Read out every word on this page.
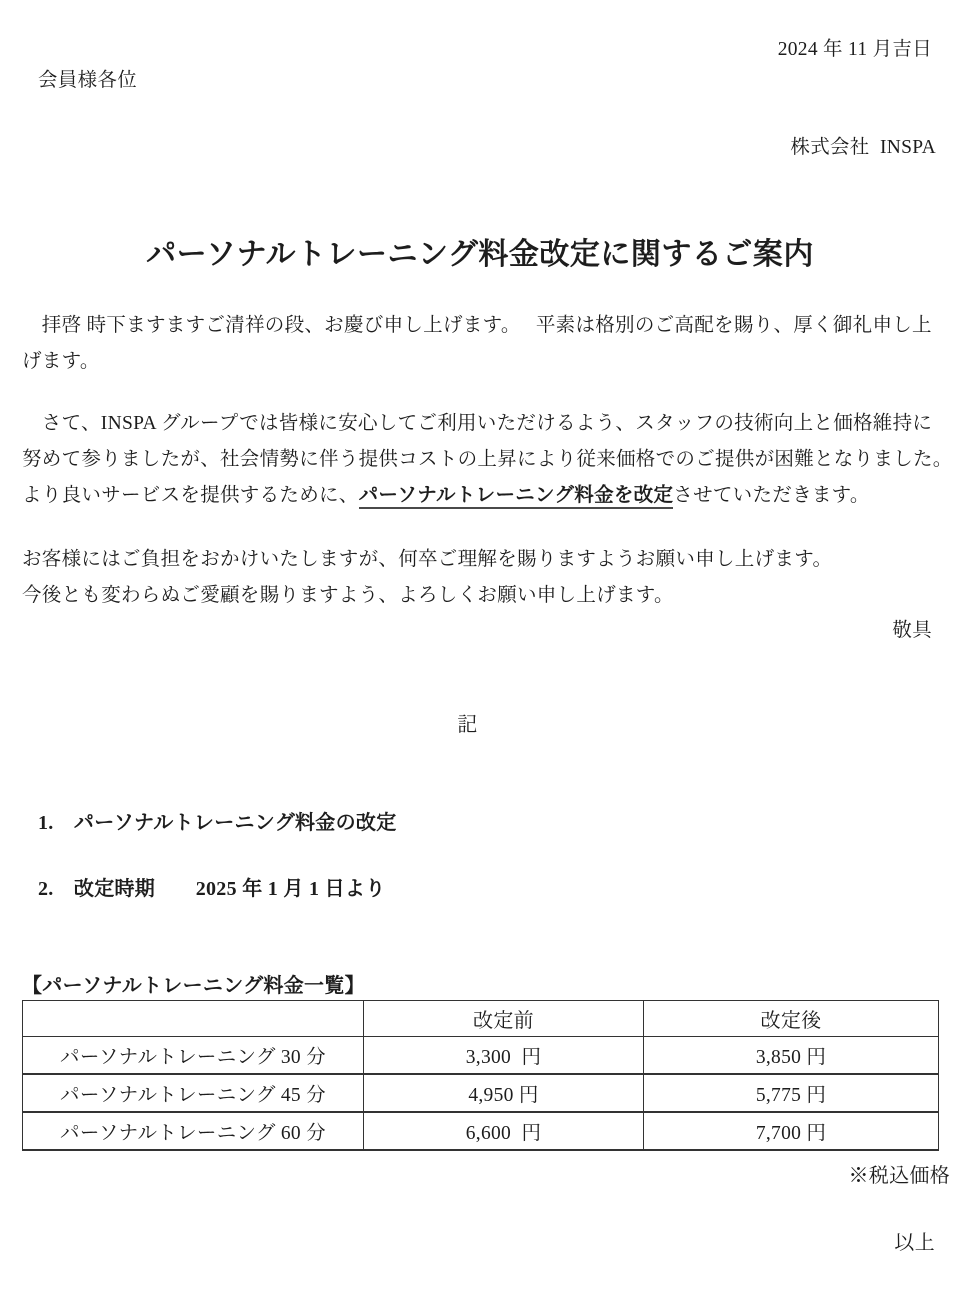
2024 年 11 月吉日
会員様各位
株式会社  INSPA
パーソナルトレーニング料金改定に関するご案内
　拝啓 時下ますますご清祥の段、お慶び申し上げます。　 平素は格別のご高配を賜り、厚く御礼申し上
げます。
　さて、INSPA グループでは皆様に安心してご利用いただけるよう、スタッフの技術向上と価格維持に
努めて参りましたが、社会情勢に伴う提供コストの上昇により従来価格でのご提供が困難となりました。
より良いサービスを提供するために、パーソナルトレーニング料金を改定させていただきます。
お客様にはご負担をおかけいたしますが、何卒ご理解を賜りますようお願い申し上げます。
今後とも変わらぬご愛顧を賜りますよう、よろしくお願い申し上げます。
敬具
記
1.　パーソナルトレーニング料金の改定
2.　改定時期　　2025 年 1 月 1 日より
【パーソナルトレーニング料金一覧】
	改定前	改定後
パーソナルトレーニング 30 分	3,300  円	3,850 円
パーソナルトレーニング 45 分	4,950 円	5,775 円
パーソナルトレーニング 60 分	6,600  円	7,700 円
※税込価格
以上
